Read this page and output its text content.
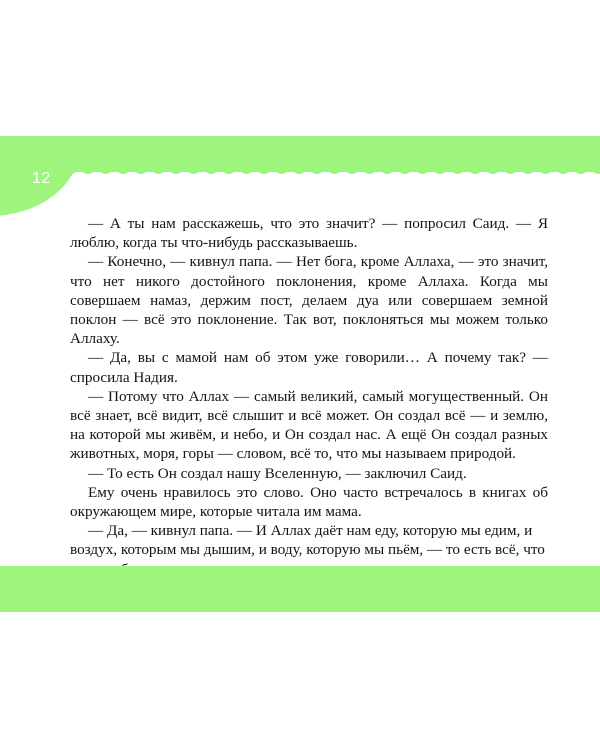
12

— А ты нам расскажешь, что это значит? — попросил Саид. — Я люблю, когда ты что-нибудь рассказываешь.

— Конечно, — кивнул папа. — Нет бога, кроме Аллаха, — это значит, что нет никого достойного поклонения, кроме Аллаха. Когда мы совершаем намаз, держим пост, делаем дуа или совершаем земной поклон — всё это поклонение. Так вот, поклоняться мы можем только Аллаху.

— Да, вы с мамой нам об этом уже говорили… А почему так? — спросила Надия.

— Потому что Аллах — самый великий, самый могущественный. Он всё знает, всё видит, всё слышит и всё может. Он создал всё — и землю, на которой мы живём, и небо, и Он создал нас. А ещё Он создал разных животных, моря, горы — словом, всё то, что мы называем природой.

— То есть Он создал нашу Вселенную, — заключил Саид.

Ему очень нравилось это слово. Оно часто встречалось в книгах об окружающем мире, которые читала им мама.

— Да, — кивнул папа. — И Аллах даёт нам еду, которую мы едим, и воздух, которым мы дышим, и воду, которую мы пьём, — то есть всё, что
